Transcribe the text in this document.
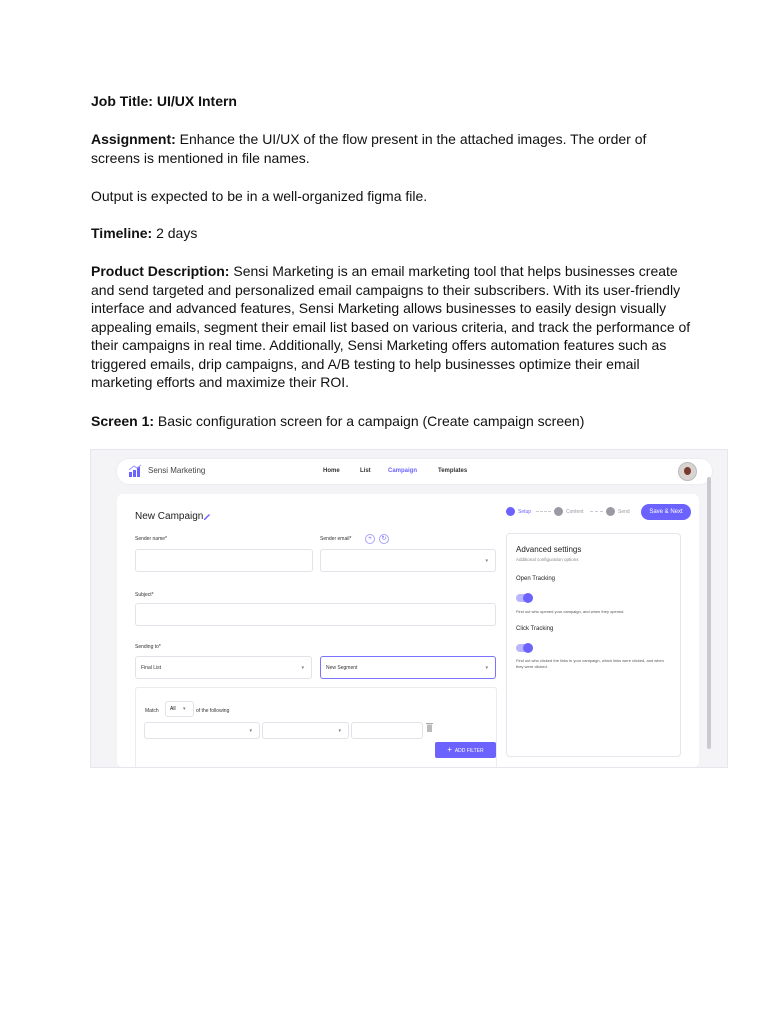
Job Title: UI/UX Intern

Assignment: Enhance the UI/UX of the flow present in the attached images. The order of screens is mentioned in file names.

Output is expected to be in a well-organized figma file.

Timeline: 2 days

Product Description: Sensi Marketing is an email marketing tool that helps businesses create and send targeted and personalized email campaigns to their subscribers. With its user-friendly interface and advanced features, Sensi Marketing allows businesses to easily design visually appealing emails, segment their email list based on various criteria, and track the performance of their campaigns in real time. Additionally, Sensi Marketing offers automation features such as triggered emails, drip campaigns, and A/B testing to help businesses optimize their email marketing efforts and maximize their ROI.

Screen 1: Basic configuration screen for a campaign (Create campaign screen)

Sensi Marketing	Home	List	Campaign	Templates
New Campaign
Sender name*	Sender email*	+	↻
▾
Subject*
Sending to*
Final List	▾	New Segment	▾
Match All ▾ of the following
▾	▾
+ ADD FILTER
Setup	Content	Send	Save & Next
Advanced settings
Additional configuration options
Open Tracking
Find out who opened your campaign, and when they opened.
Click Tracking
Find out who clicked the links in your campaign, which links were clicked, and when they were clicked.
